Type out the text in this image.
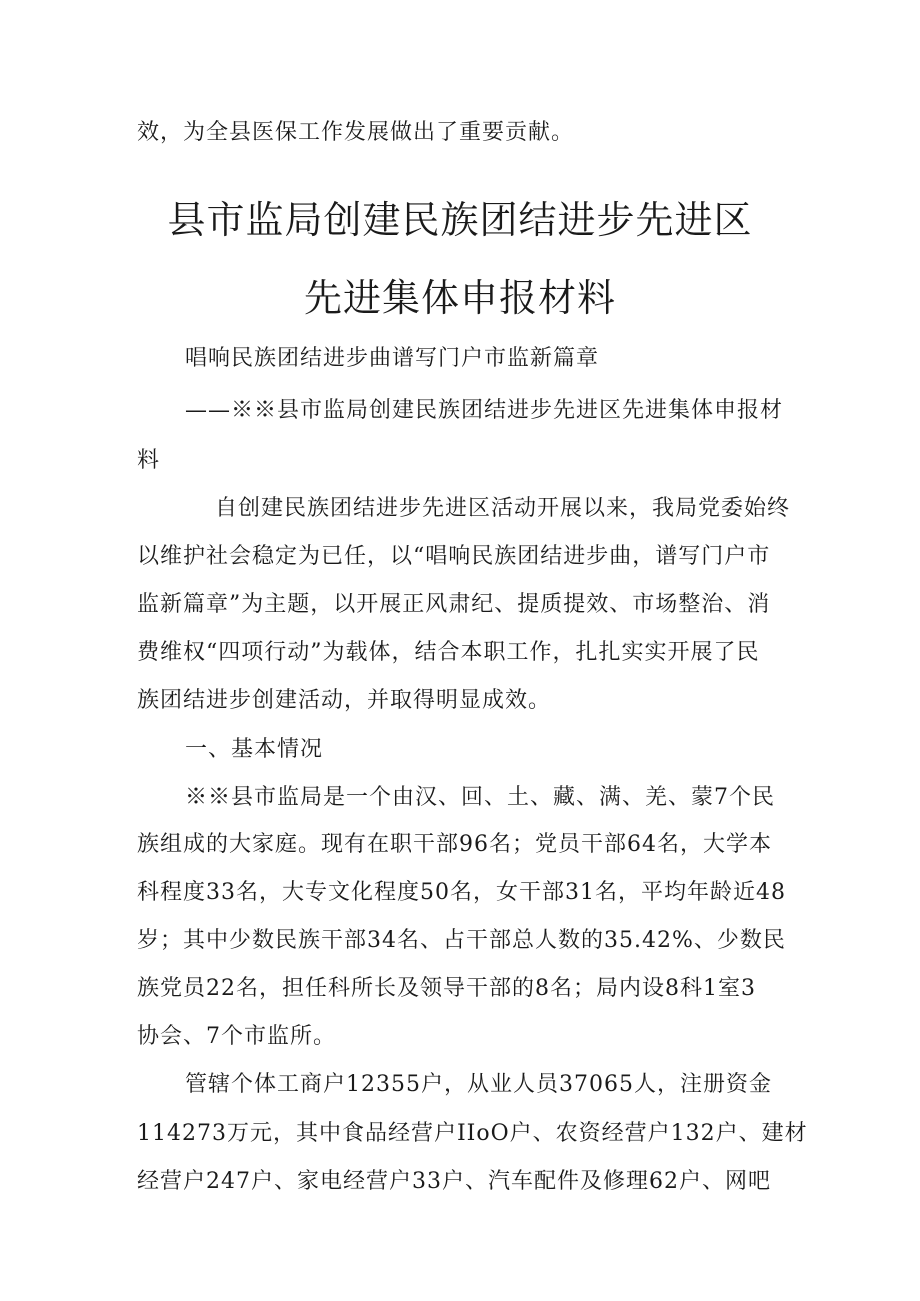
效，为全县医保工作发展做出了重要贡献。
县市监局创建民族团结进步先进区
先进集体申报材料
唱响民族团结进步曲谱写门户市监新篇章
——※※县市监局创建民族团结进步先进区先进集体申报材
料
自创建民族团结进步先进区活动开展以来，我局党委始终
以维护社会稳定为已任，以“唱响民族团结进步曲，谱写门户市
监新篇章”为主题，以开展正风肃纪、提质提效、市场整治、消
费维权“四项行动”为载体，结合本职工作，扎扎实实开展了民
族团结进步创建活动，并取得明显成效。
一、基本情况
※※县市监局是一个由汉、回、土、藏、满、羌、蒙7个民
族组成的大家庭。现有在职干部96名；党员干部64名，大学本
科程度33名，大专文化程度50名，女干部31名，平均年龄近48
岁；其中少数民族干部34名、占干部总人数的35.42%、少数民
族党员22名，担任科所长及领导干部的8名；局内设8科1室3
协会、7个市监所。
管辖个体工商户12355户，从业人员37065人，注册资金
114273万元，其中食品经营户IIoO户、农资经营户132户、建材
经营户247户、家电经营户33户、汽车配件及修理62户、网吧
